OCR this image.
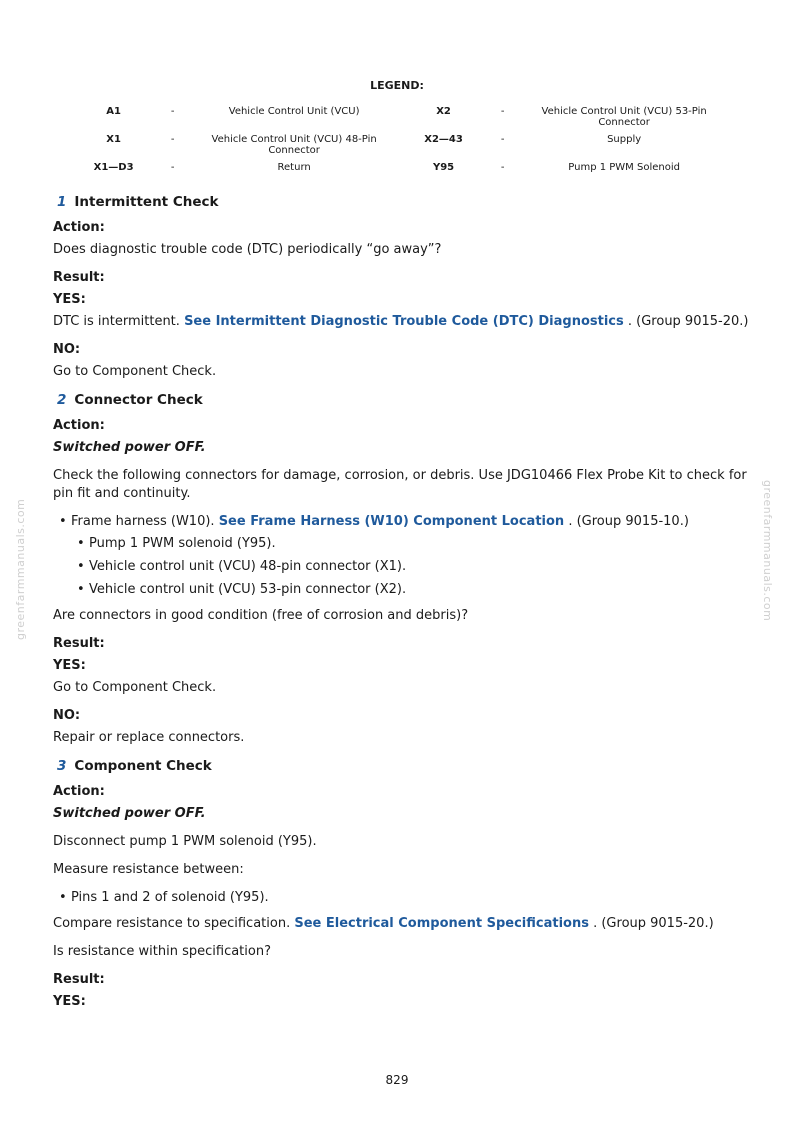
LEGEND:
A1	-	Vehicle Control Unit (VCU)	X2	-	Vehicle Control Unit (VCU) 53-Pin Connector
X1	-	Vehicle Control Unit (VCU) 48-Pin Connector	X2—43	-	Supply
X1—D3	-	Return	Y95	-	Pump 1 PWM Solenoid
1 Intermittent Check
Action:

Does diagnostic trouble code (DTC) periodically “go away”?

Result:
YES:

DTC is intermittent. See Intermittent Diagnostic Trouble Code (DTC) Diagnostics . (Group 9015-20.)

NO:

Go to Component Check.

2 Connector Check
Action:
Switched power OFF.

Check the following connectors for damage, corrosion, or debris. Use JDG10466 Flex Probe Kit to check for pin fit and continuity.

• Frame harness (W10). See Frame Harness (W10) Component Location . (Group 9015-10.)
• Pump 1 PWM solenoid (Y95).
• Vehicle control unit (VCU) 48-pin connector (X1).
• Vehicle control unit (VCU) 53-pin connector (X2).

Are connectors in good condition (free of corrosion and debris)?

Result:
YES:

Go to Component Check.

NO:

Repair or replace connectors.

3 Component Check
Action:
Switched power OFF.

Disconnect pump 1 PWM solenoid (Y95).

Measure resistance between:

• Pins 1 and 2 of solenoid (Y95).

Compare resistance to specification. See Electrical Component Specifications . (Group 9015-20.)

Is resistance within specification?

Result:
YES:
greenfarmmanuals.com	greenfarmmanuals.com
829
